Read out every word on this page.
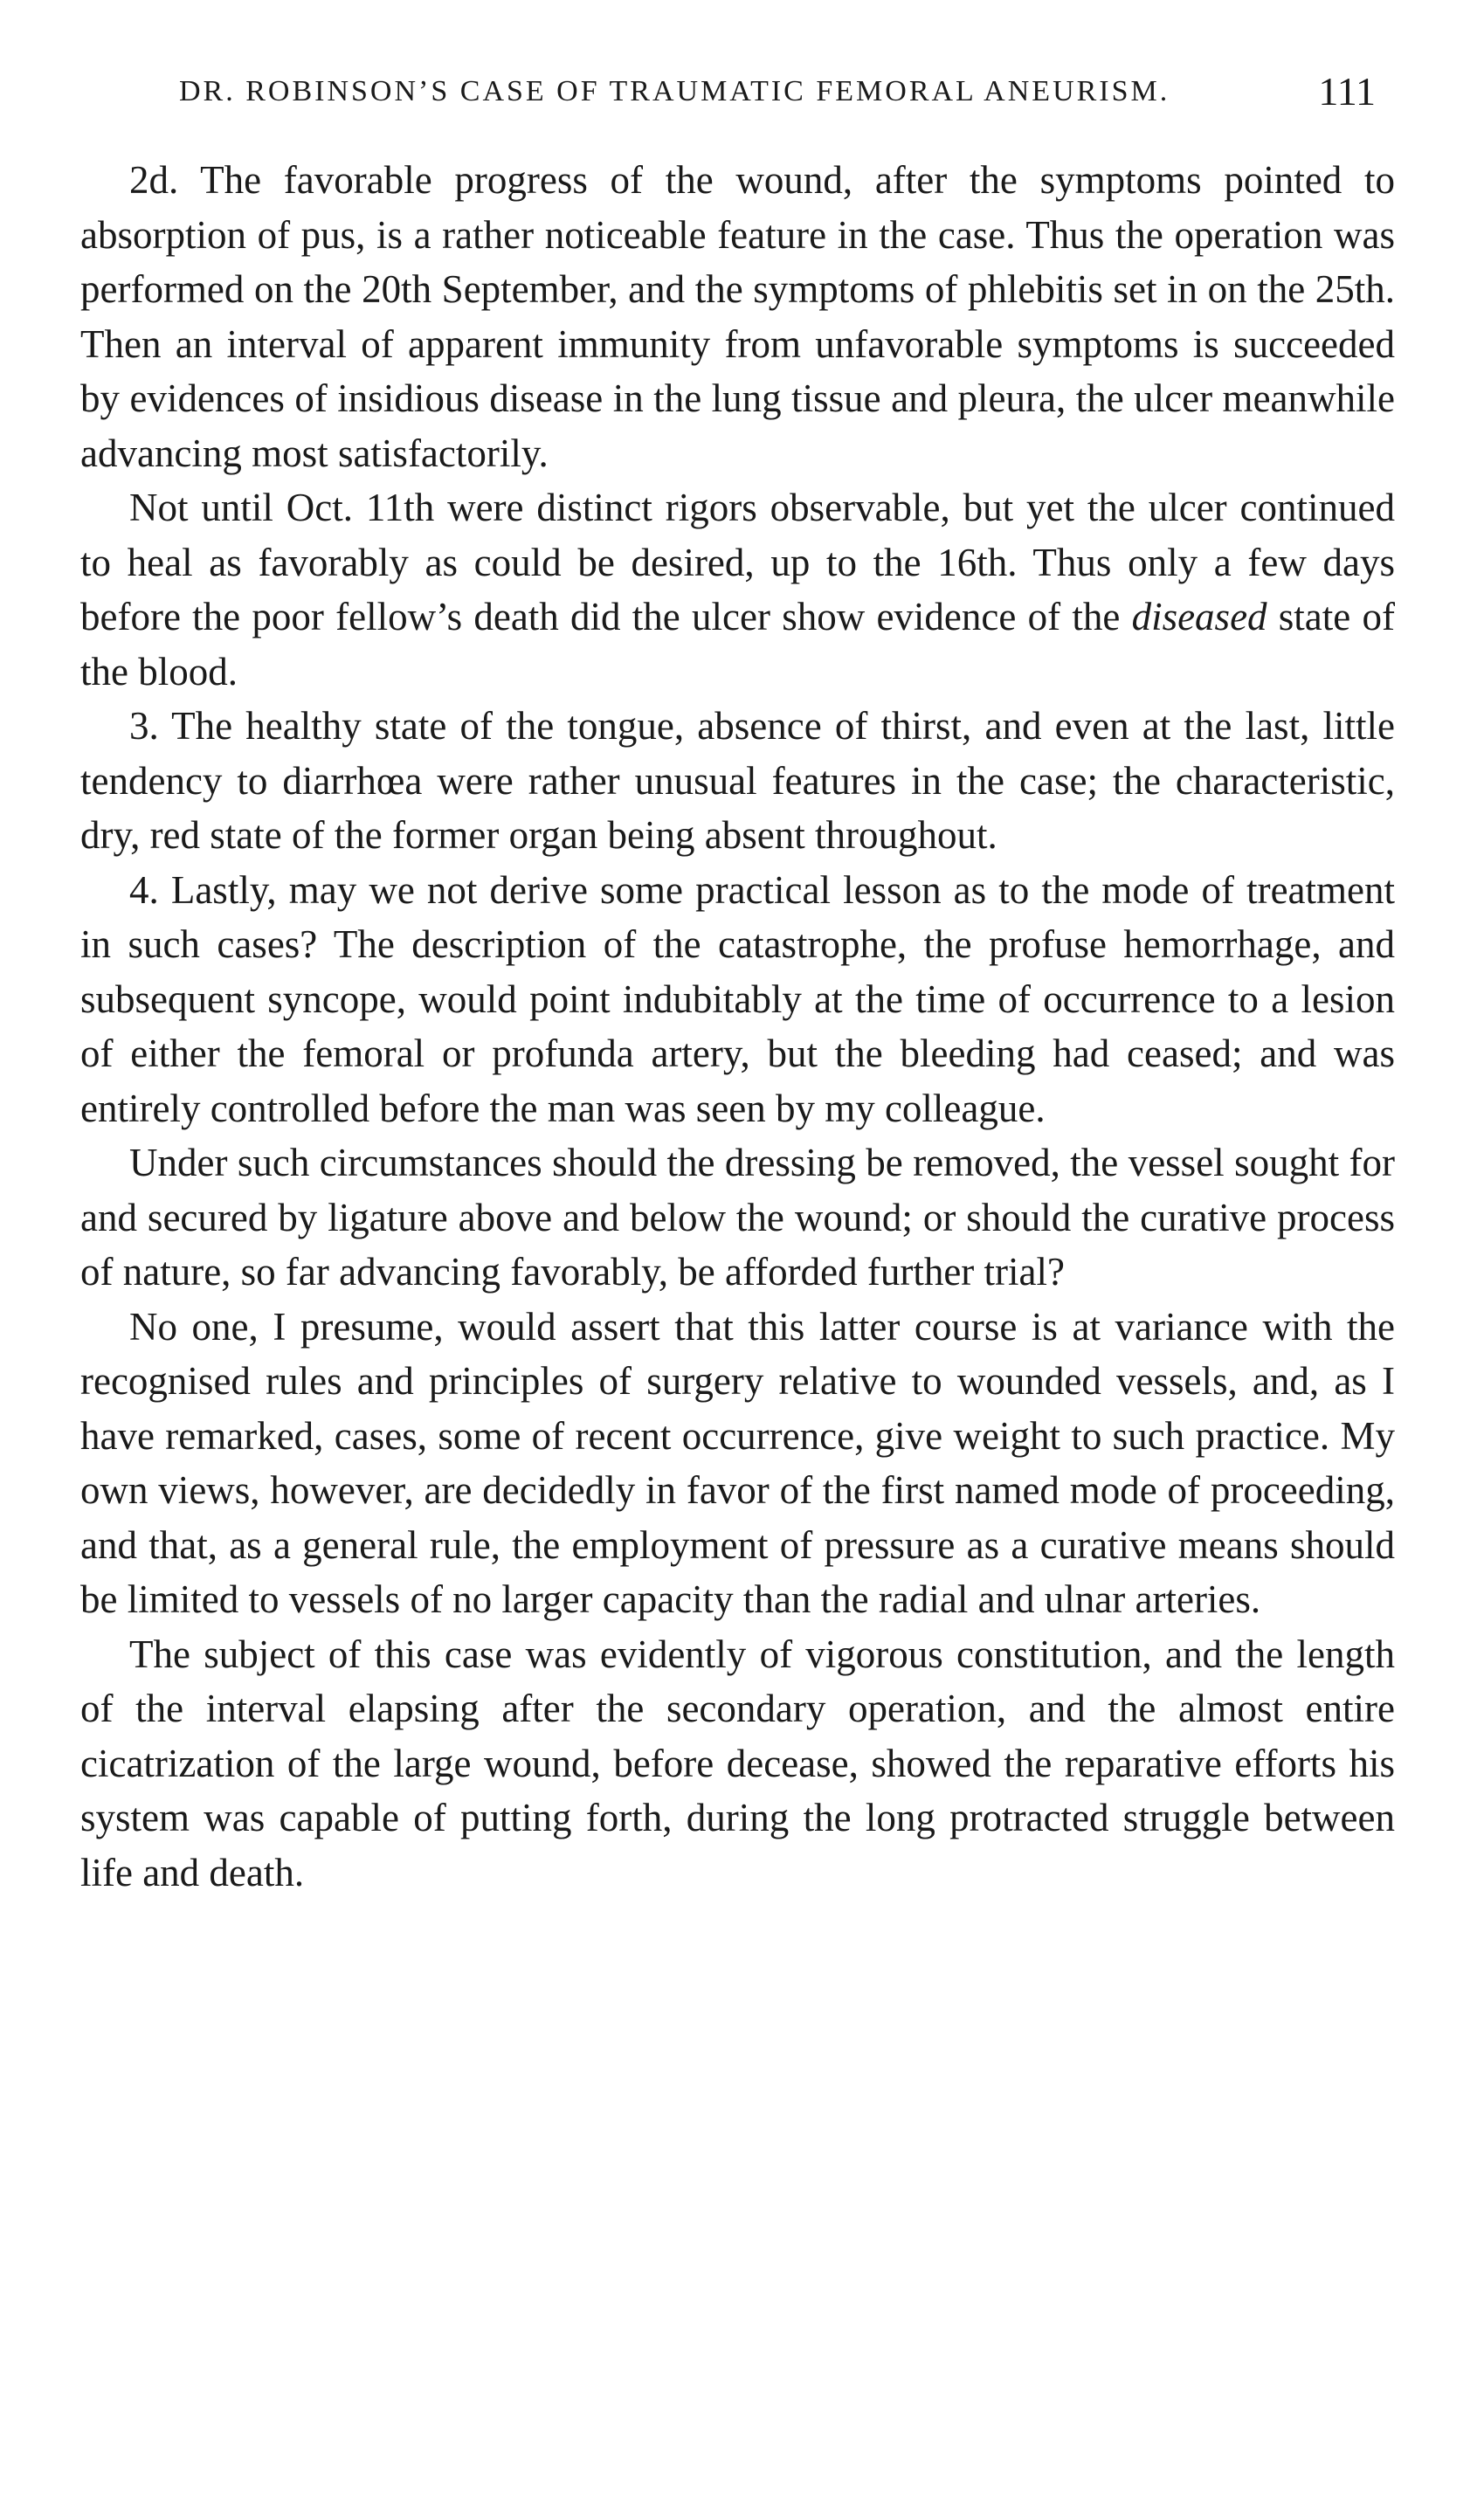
DR. ROBINSON’S CASE OF TRAUMATIC FEMORAL ANEURISM.	111

2d. The favorable progress of the wound, after the symptoms pointed to absorption of pus, is a rather noticeable feature in the case. Thus the operation was performed on the 20th September, and the symptoms of phlebitis set in on the 25th. Then an interval of apparent immunity from unfavorable symptoms is succeeded by evidences of insidious disease in the lung tissue and pleura, the ulcer meanwhile advancing most satisfactorily.

Not until Oct. 11th were distinct rigors observable, but yet the ulcer continued to heal as favorably as could be desired, up to the 16th. Thus only a few days before the poor fellow’s death did the ulcer show evidence of the diseased state of the blood.

3. The healthy state of the tongue, absence of thirst, and even at the last, little tendency to diarrhœa were rather unusual features in the case; the characteristic, dry, red state of the former organ being absent throughout.

4. Lastly, may we not derive some practical lesson as to the mode of treatment in such cases? The description of the catastrophe, the profuse hemorrhage, and subsequent syncope, would point indubitably at the time of occurrence to a lesion of either the femoral or profunda artery, but the bleeding had ceased; and was entirely controlled before the man was seen by my colleague.

Under such circumstances should the dressing be removed, the vessel sought for and secured by ligature above and below the wound; or should the curative process of nature, so far advancing favorably, be afforded further trial?

No one, I presume, would assert that this latter course is at variance with the recognised rules and principles of surgery relative to wounded vessels, and, as I have remarked, cases, some of recent occurrence, give weight to such practice. My own views, however, are decidedly in favor of the first named mode of proceeding, and that, as a general rule, the employment of pressure as a curative means should be limited to vessels of no larger capacity than the radial and ulnar arteries.

The subject of this case was evidently of vigorous constitution, and the length of the interval elapsing after the secondary operation, and the almost entire cicatrization of the large wound, before decease, showed the reparative efforts his system was capable of putting forth, during the long protracted struggle between life and death.
